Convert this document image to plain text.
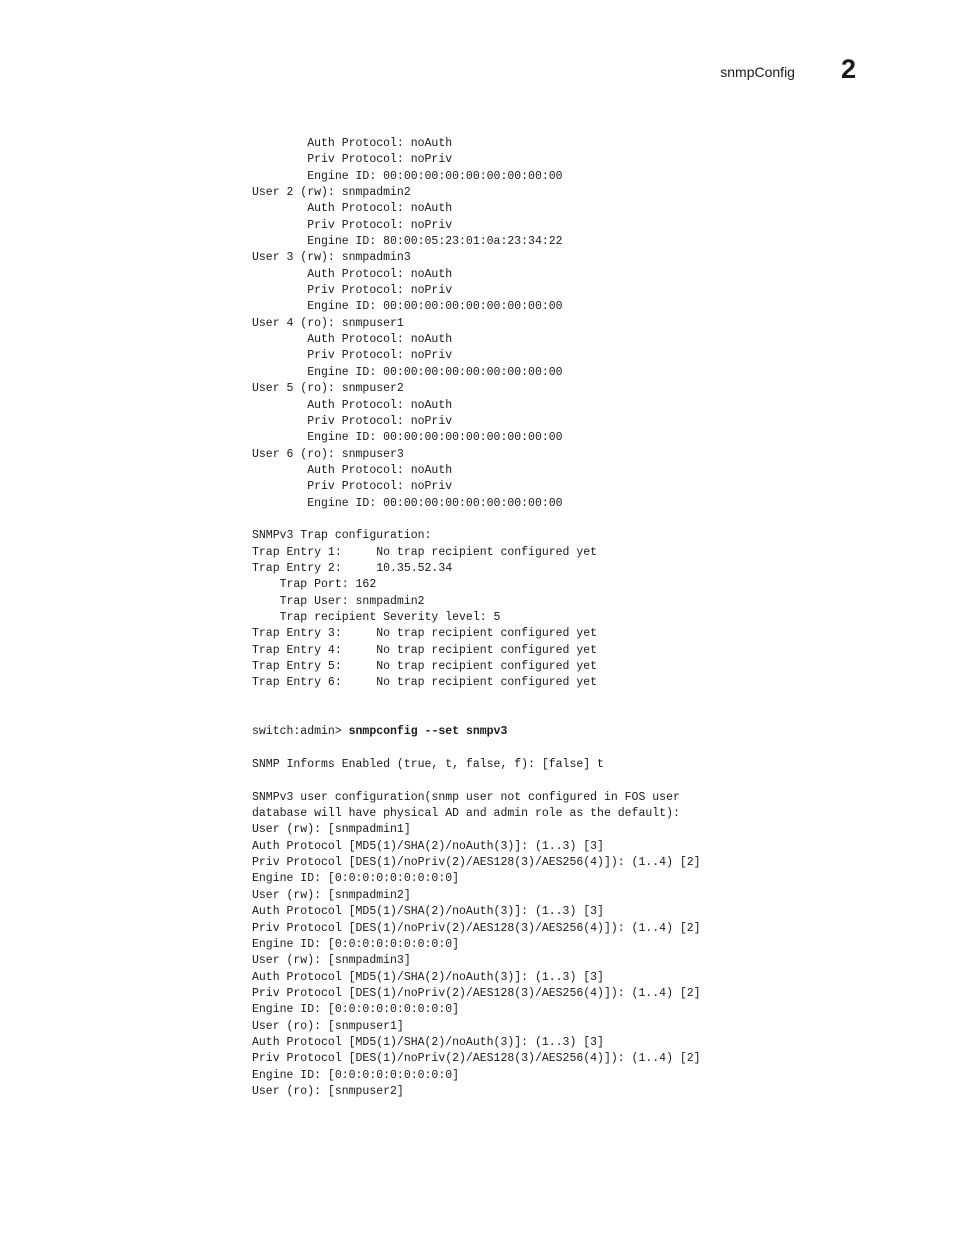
snmpConfig 2
Auth Protocol: noAuth
Priv Protocol: noPriv
Engine ID: 00:00:00:00:00:00:00:00:00
User 2 (rw): snmpadmin2
Auth Protocol: noAuth
Priv Protocol: noPriv
Engine ID: 80:00:05:23:01:0a:23:34:22
User 3 (rw): snmpadmin3
Auth Protocol: noAuth
Priv Protocol: noPriv
Engine ID: 00:00:00:00:00:00:00:00:00
User 4 (ro): snmpuser1
Auth Protocol: noAuth
Priv Protocol: noPriv
Engine ID: 00:00:00:00:00:00:00:00:00
User 5 (ro): snmpuser2
Auth Protocol: noAuth
Priv Protocol: noPriv
Engine ID: 00:00:00:00:00:00:00:00:00
User 6 (ro): snmpuser3
Auth Protocol: noAuth
Priv Protocol: noPriv
Engine ID: 00:00:00:00:00:00:00:00:00

SNMPv3 Trap configuration:
Trap Entry 1:     No trap recipient configured yet
Trap Entry 2:     10.35.52.34
Trap Port: 162
Trap User: snmpadmin2
Trap recipient Severity level: 5
Trap Entry 3:     No trap recipient configured yet
Trap Entry 4:     No trap recipient configured yet
Trap Entry 5:     No trap recipient configured yet
Trap Entry 6:     No trap recipient configured yet

switch:admin> snmpconfig --set snmpv3

SNMP Informs Enabled (true, t, false, f): [false] t

SNMPv3 user configuration(snmp user not configured in FOS user
database will have physical AD and admin role as the default):
User (rw): [snmpadmin1]
Auth Protocol [MD5(1)/SHA(2)/noAuth(3)]: (1..3) [3]
Priv Protocol [DES(1)/noPriv(2)/AES128(3)/AES256(4)]): (1..4) [2]
Engine ID: [0:0:0:0:0:0:0:0:0]
User (rw): [snmpadmin2]
Auth Protocol [MD5(1)/SHA(2)/noAuth(3)]: (1..3) [3]
Priv Protocol [DES(1)/noPriv(2)/AES128(3)/AES256(4)]): (1..4) [2]
Engine ID: [0:0:0:0:0:0:0:0:0]
User (rw): [snmpadmin3]
Auth Protocol [MD5(1)/SHA(2)/noAuth(3)]: (1..3) [3]
Priv Protocol [DES(1)/noPriv(2)/AES128(3)/AES256(4)]): (1..4) [2]
Engine ID: [0:0:0:0:0:0:0:0:0]
User (ro): [snmpuser1]
Auth Protocol [MD5(1)/SHA(2)/noAuth(3)]: (1..3) [3]
Priv Protocol [DES(1)/noPriv(2)/AES128(3)/AES256(4)]): (1..4) [2]
Engine ID: [0:0:0:0:0:0:0:0:0]
User (ro): [snmpuser2]
